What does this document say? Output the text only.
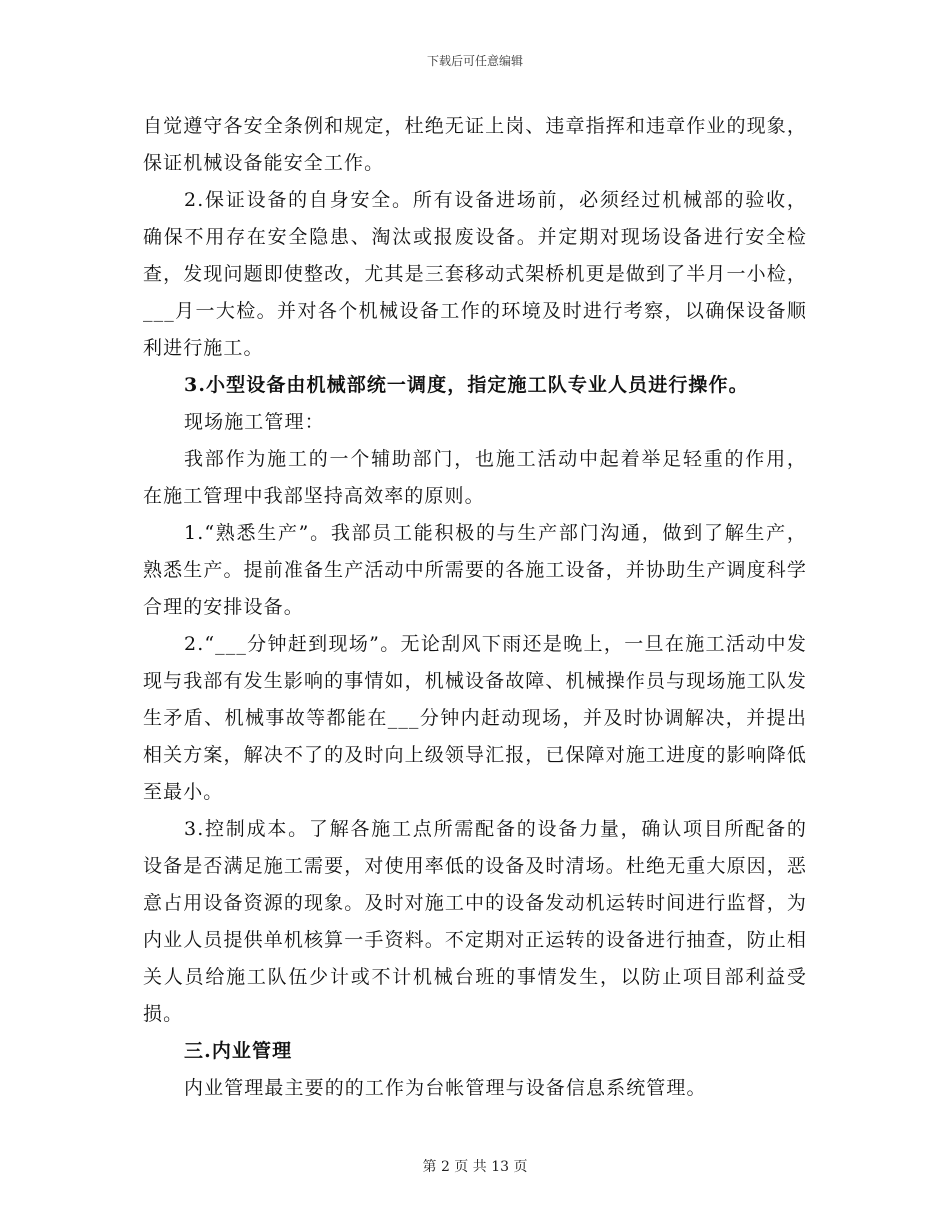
下载后可任意编辑

自觉遵守各安全条例和规定，杜绝无证上岗、违章指挥和违章作业的现象，保证机械设备能安全工作。

2.保证设备的自身安全。所有设备进场前，必须经过机械部的验收，确保不用存在安全隐患、淘汰或报废设备。并定期对现场设备进行安全检查，发现问题即使整改，尤其是三套移动式架桥机更是做到了半月一小检，___月一大检。并对各个机械设备工作的环境及时进行考察，以确保设备顺利进行施工。

3.小型设备由机械部统一调度，指定施工队专业人员进行操作。

现场施工管理：

我部作为施工的一个辅助部门，也施工活动中起着举足轻重的作用，在施工管理中我部坚持高效率的原则。

1.“熟悉生产”。我部员工能积极的与生产部门沟通，做到了解生产，熟悉生产。提前准备生产活动中所需要的各施工设备，并协助生产调度科学合理的安排设备。

2.“___分钟赶到现场”。无论刮风下雨还是晚上，一旦在施工活动中发现与我部有发生影响的事情如，机械设备故障、机械操作员与现场施工队发生矛盾、机械事故等都能在___分钟内赶动现场，并及时协调解决，并提出相关方案，解决不了的及时向上级领导汇报，已保障对施工进度的影响降低至最小。

3.控制成本。了解各施工点所需配备的设备力量，确认项目所配备的设备是否满足施工需要，对使用率低的设备及时清场。杜绝无重大原因，恶意占用设备资源的现象。及时对施工中的设备发动机运转时间进行监督，为内业人员提供单机核算一手资料。不定期对正运转的设备进行抽查，防止相关人员给施工队伍少计或不计机械台班的事情发生，以防止项目部利益受损。

三.内业管理

内业管理最主要的的工作为台帐管理与设备信息系统管理。

第 2 页 共 13 页
